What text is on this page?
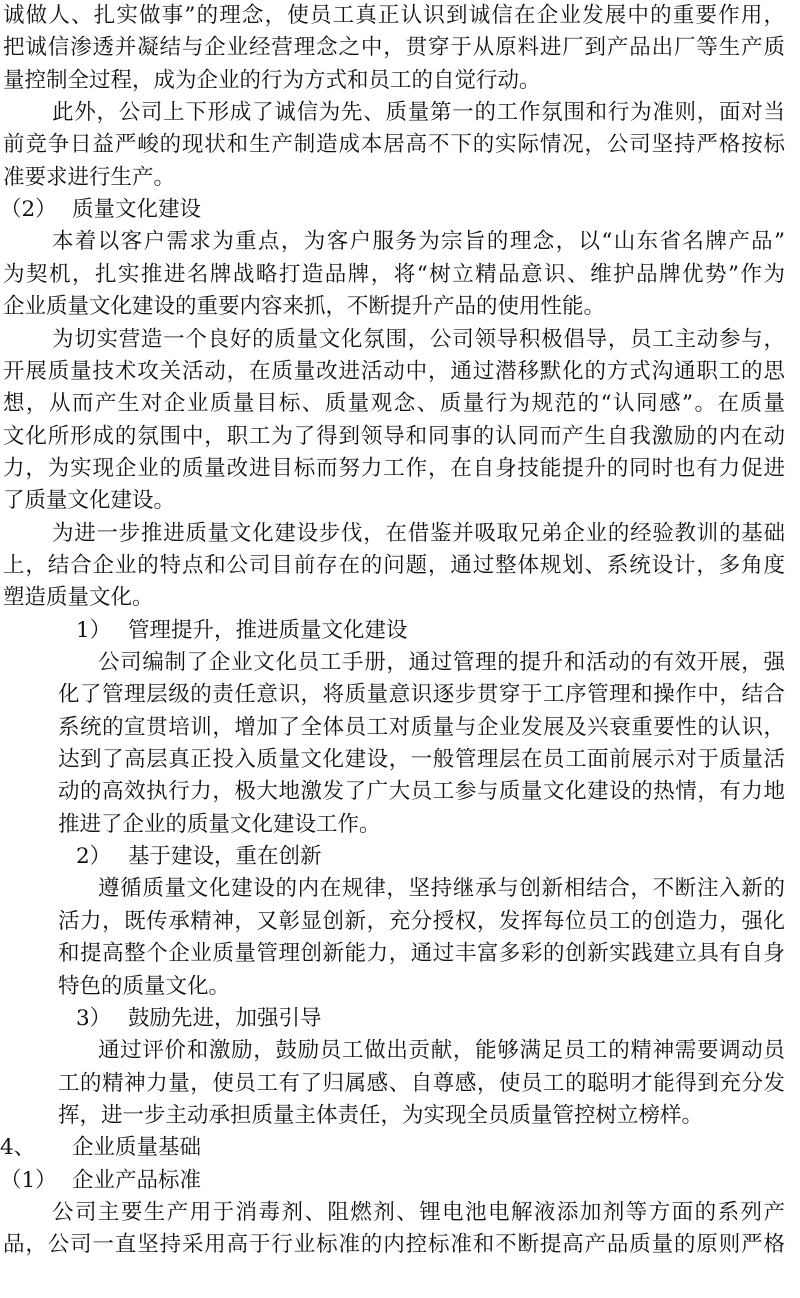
诚做人、扎实做事”的理念，使员工真正认识到诚信在企业发展中的重要作用，
把诚信渗透并凝结与企业经营理念之中，贯穿于从原料进厂到产品出厂等生产质
量控制全过程，成为企业的行为方式和员工的自觉行动。
此外，公司上下形成了诚信为先、质量第一的工作氛围和行为准则，面对当
前竞争日益严峻的现状和生产制造成本居高不下的实际情况，公司坚持严格按标
准要求进行生产。
（2） 质量文化建设
本着以客户需求为重点，为客户服务为宗旨的理念，以“山东省名牌产品”
为契机，扎实推进名牌战略打造品牌，将“树立精品意识、维护品牌优势”作为
企业质量文化建设的重要内容来抓，不断提升产品的使用性能。
为切实营造一个良好的质量文化氛围，公司领导积极倡导，员工主动参与，
开展质量技术攻关活动，在质量改进活动中，通过潜移默化的方式沟通职工的思
想，从而产生对企业质量目标、质量观念、质量行为规范的“认同感”。在质量
文化所形成的氛围中，职工为了得到领导和同事的认同而产生自我激励的内在动
力，为实现企业的质量改进目标而努力工作，在自身技能提升的同时也有力促进
了质量文化建设。
为进一步推进质量文化建设步伐，在借鉴并吸取兄弟企业的经验教训的基础
上，结合企业的特点和公司目前存在的问题，通过整体规划、系统设计，多角度
塑造质量文化。
1） 管理提升，推进质量文化建设
公司编制了企业文化员工手册，通过管理的提升和活动的有效开展，强
化了管理层级的责任意识，将质量意识逐步贯穿于工序管理和操作中，结合
系统的宣贯培训，增加了全体员工对质量与企业发展及兴衰重要性的认识，
达到了高层真正投入质量文化建设，一般管理层在员工面前展示对于质量活
动的高效执行力，极大地激发了广大员工参与质量文化建设的热情，有力地
推进了企业的质量文化建设工作。
2） 基于建设，重在创新
遵循质量文化建设的内在规律，坚持继承与创新相结合，不断注入新的
活力，既传承精神，又彰显创新，充分授权，发挥每位员工的创造力，强化
和提高整个企业质量管理创新能力，通过丰富多彩的创新实践建立具有自身
特色的质量文化。
3） 鼓励先进，加强引导
通过评价和激励，鼓励员工做出贡献，能够满足员工的精神需要调动员
工的精神力量，使员工有了归属感、自尊感，使员工的聪明才能得到充分发
挥，进一步主动承担质量主体责任，为实现全员质量管控树立榜样。
4、 企业质量基础
（1） 企业产品标准
公司主要生产用于消毒剂、阻燃剂、锂电池电解液添加剂等方面的系列产
品，公司一直坚持采用高于行业标准的内控标准和不断提高产品质量的原则严格
